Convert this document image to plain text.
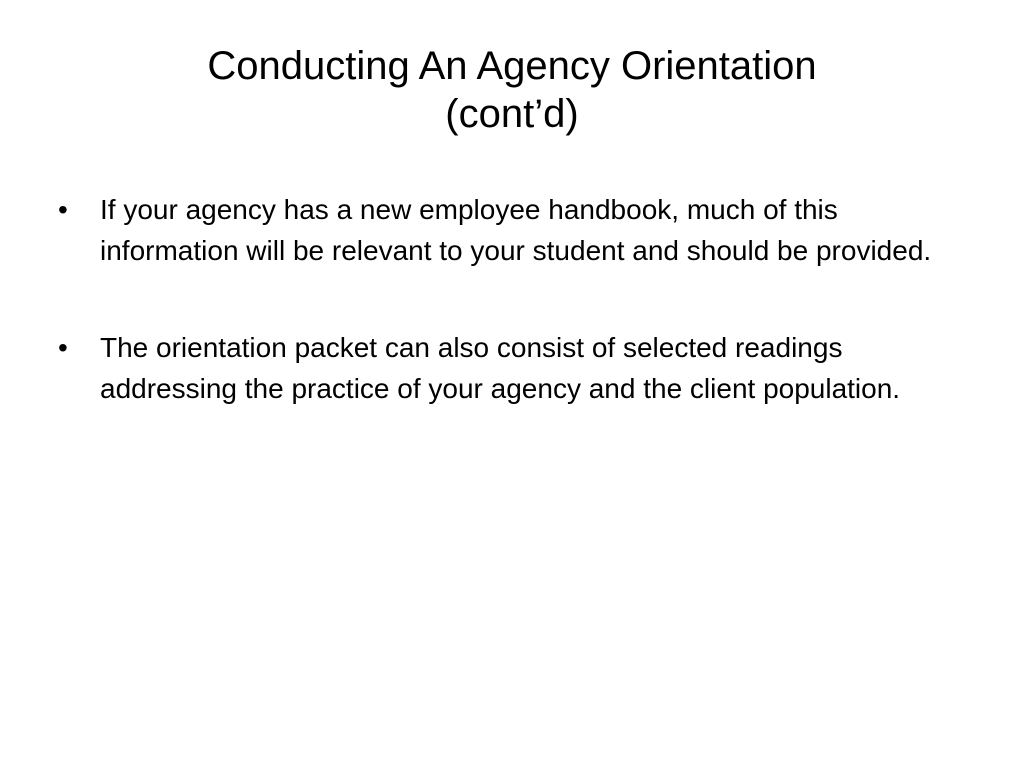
Conducting An Agency Orientation
(cont’d)
•	If your agency has a new employee handbook, much of this information will be relevant to your student and should be provided.
•	The orientation packet can also consist of selected readings addressing the practice of your agency and the client population.
